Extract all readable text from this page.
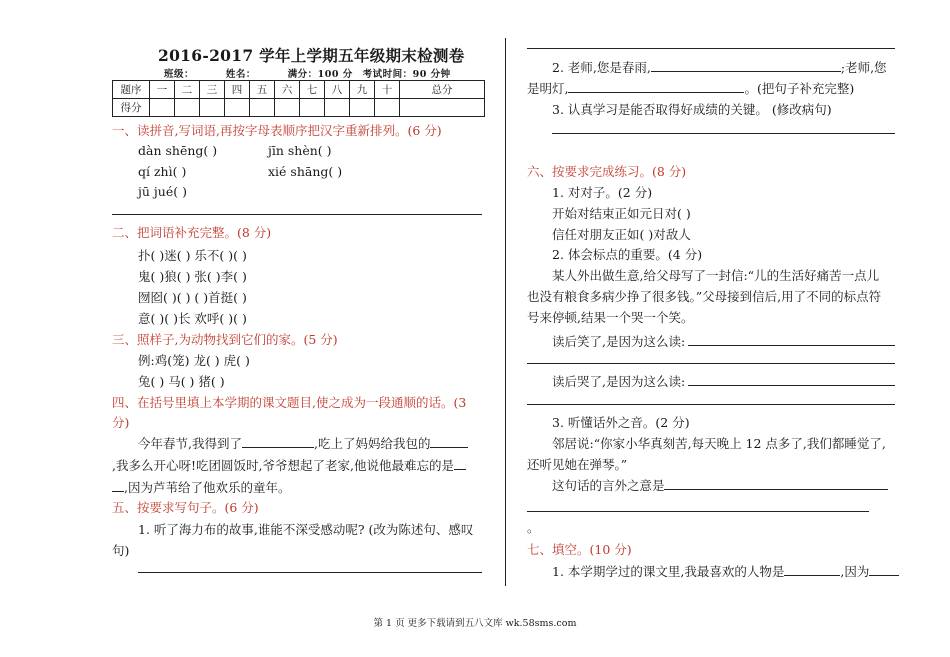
2016-2017 学年上学期五年级期末检测卷
班级：	姓名：	满分：100 分 考试时间：90 分钟
题序	一	二	三	四	五	六	七	八	九	十	总分
得分											
一、读拼音,写词语,再按字母表顺序把汉字重新排列。(6 分)
dàn shēng( )	jīn shèn( )
qí zhì( )	xié shāng( )
jū jué( )
二、把词语补充完整。(8 分)
扑( )迷( ) 乐不( )( )
鬼( )狼( ) 张( )李( )
囫囵( )( ) ( )首挺( )
意( )( )长 欢呼( )( )
三、照样子,为动物找到它们的家。(5 分)
例:鸡(笼) 龙( ) 虎( )
兔( ) 马( ) 猪( )
四、在括号里填上本学期的课文题目,使之成为一段通顺的话。(3
分)
今年春节,我得到了	,吃上了妈妈给我包的
,我多么开心呀!吃团圆饭时,爷爷想起了老家,他说他最难忘的是
,因为芦苇给了他欢乐的童年。
五、按要求写句子。(6 分)
1. 听了海力布的故事,谁能不深受感动呢? (改为陈述句、感叹
句)
2. 老师,您是春雨,	;老师,您
是明灯,	。(把句子补充完整)
3. 认真学习是能否取得好成绩的关键。 (修改病句)
六、按要求完成练习。(8 分)
1. 对对子。(2 分)
开始对结束正如元日对( )
信任对朋友正如( )对敌人
2. 体会标点的重要。(4 分)
某人外出做生意,给父母写了一封信:“儿的生活好痛苦一点儿
也没有粮食多病少挣了很多钱。”父母接到信后,用了不同的标点符
号来停顿,结果一个哭一个笑。
读后笑了,是因为这么读:
读后哭了,是因为这么读:
3. 听懂话外之音。(2 分)
邻居说:“你家小华真刻苦,每天晚上 12 点多了,我们都睡觉了,
还听见她在弹琴。”
这句话的言外之意是
。
七、填空。(10 分)
1. 本学期学过的课文里,我最喜欢的人物是	,因为
第 1 页 更多下载请到五八文库 wk.58sms.com
